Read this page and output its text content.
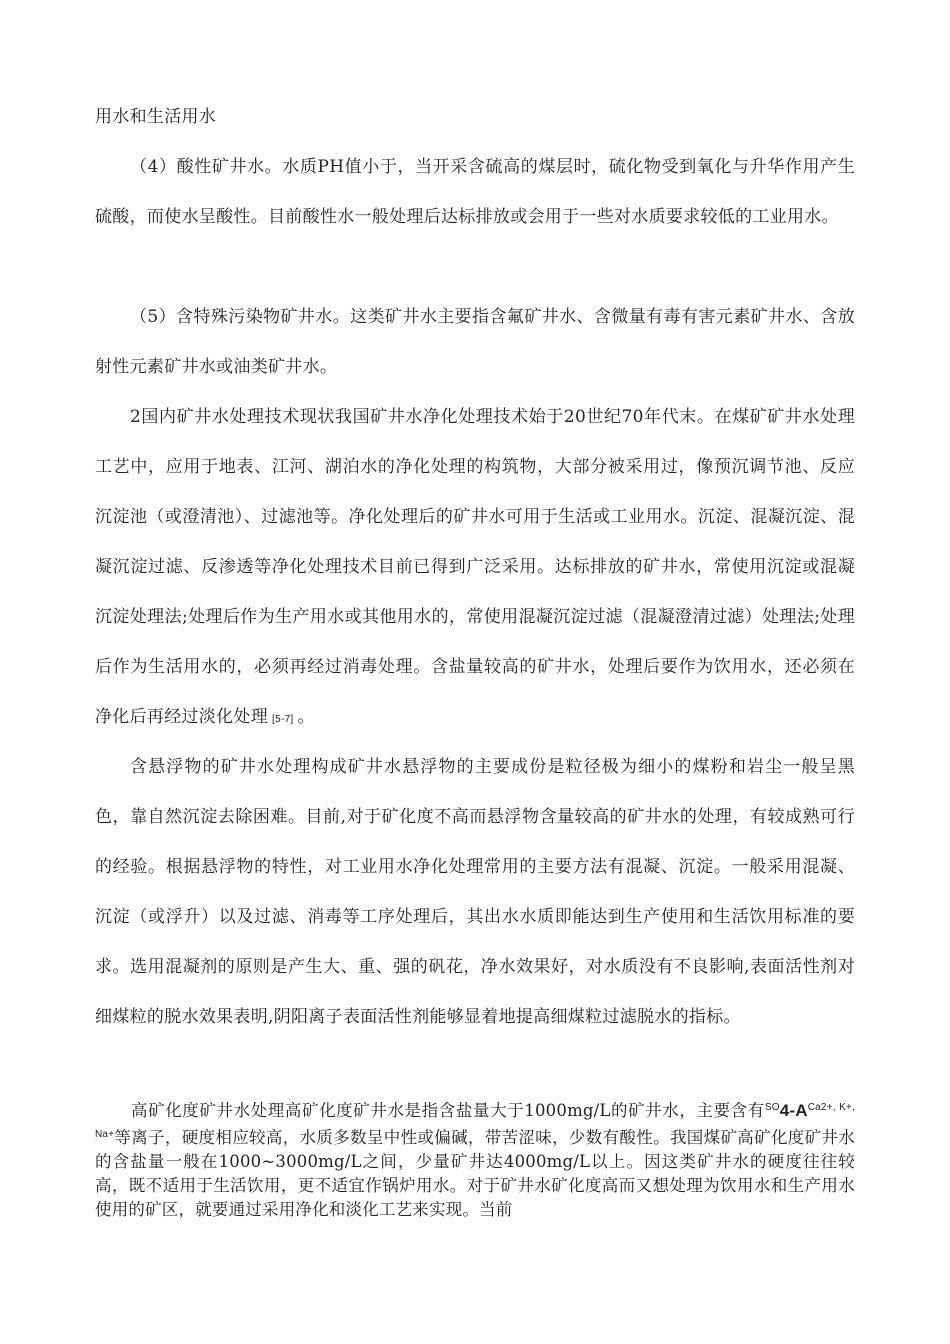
用水和生活用水

（4）酸性矿井水。水质PH值小于，当开采含硫高的煤层时，硫化物受到氧化与升华作用产生硫酸，而使水呈酸性。目前酸性水一般处理后达标排放或会用于一些对水质要求较低的工业用水。

（5）含特殊污染物矿井水。这类矿井水主要指含氟矿井水、含微量有毒有害元素矿井水、含放射性元素矿井水或油类矿井水。

2国内矿井水处理技术现状我国矿井水净化处理技术始于20世纪70年代末。在煤矿矿井水处理工艺中，应用于地表、江河、湖泊水的净化处理的构筑物，大部分被采用过，像预沉调节池、反应沉淀池（或澄清池）、过滤池等。净化处理后的矿井水可用于生活或工业用水。沉淀、混凝沉淀、混凝沉淀过滤、反渗透等净化处理技术目前已得到广泛采用。达标排放的矿井水，常使用沉淀或混凝沉淀处理法;处理后作为生产用水或其他用水的，常使用混凝沉淀过滤（混凝澄清过滤）处理法;处理后作为生活用水的，必须再经过消毒处理。含盐量较高的矿井水，处理后要作为饮用水，还必须在净化后再经过淡化处理 [5-7] 。

含悬浮物的矿井水处理构成矿井水悬浮物的主要成份是粒径极为细小的煤粉和岩尘一般呈黑色，靠自然沉淀去除困难。目前,对于矿化度不高而悬浮物含量较高的矿井水的处理，有较成熟可行的经验。根据悬浮物的特性，对工业用水净化处理常用的主要方法有混凝、沉淀。一般采用混凝、沉淀（或浮升）以及过滤、消毒等工序处理后，其出水水质即能达到生产使用和生活饮用标准的要求。选用混凝剂的原则是产生大、重、强的矾花，净水效果好，对水质没有不良影响,表面活性剂对细煤粒的脱水效果表明,阴阳离子表面活性剂能够显着地提高细煤粒过滤脱水的指标。

高矿化度矿井水处理高矿化度矿井水是指含盐量大于1000mg/L的矿井水，主要含有$^{SO}4-A^{Ca2+, K+, Na+}$等离子，硬度相应较高，水质多数呈中性或偏碱，带苦涩味，少数有酸性。我国煤矿高矿化度矿井水的含盐量一般在1000~3000mg/L之间，少量矿井达4000mg/L以上。因这类矿井水的硬度往往较高，既不适用于生活饮用，更不适宜作锅炉用水。对于矿井水矿化度高而又想处理为饮用水和生产用水使用的矿区，就要通过采用净化和淡化工艺来实现。当前
